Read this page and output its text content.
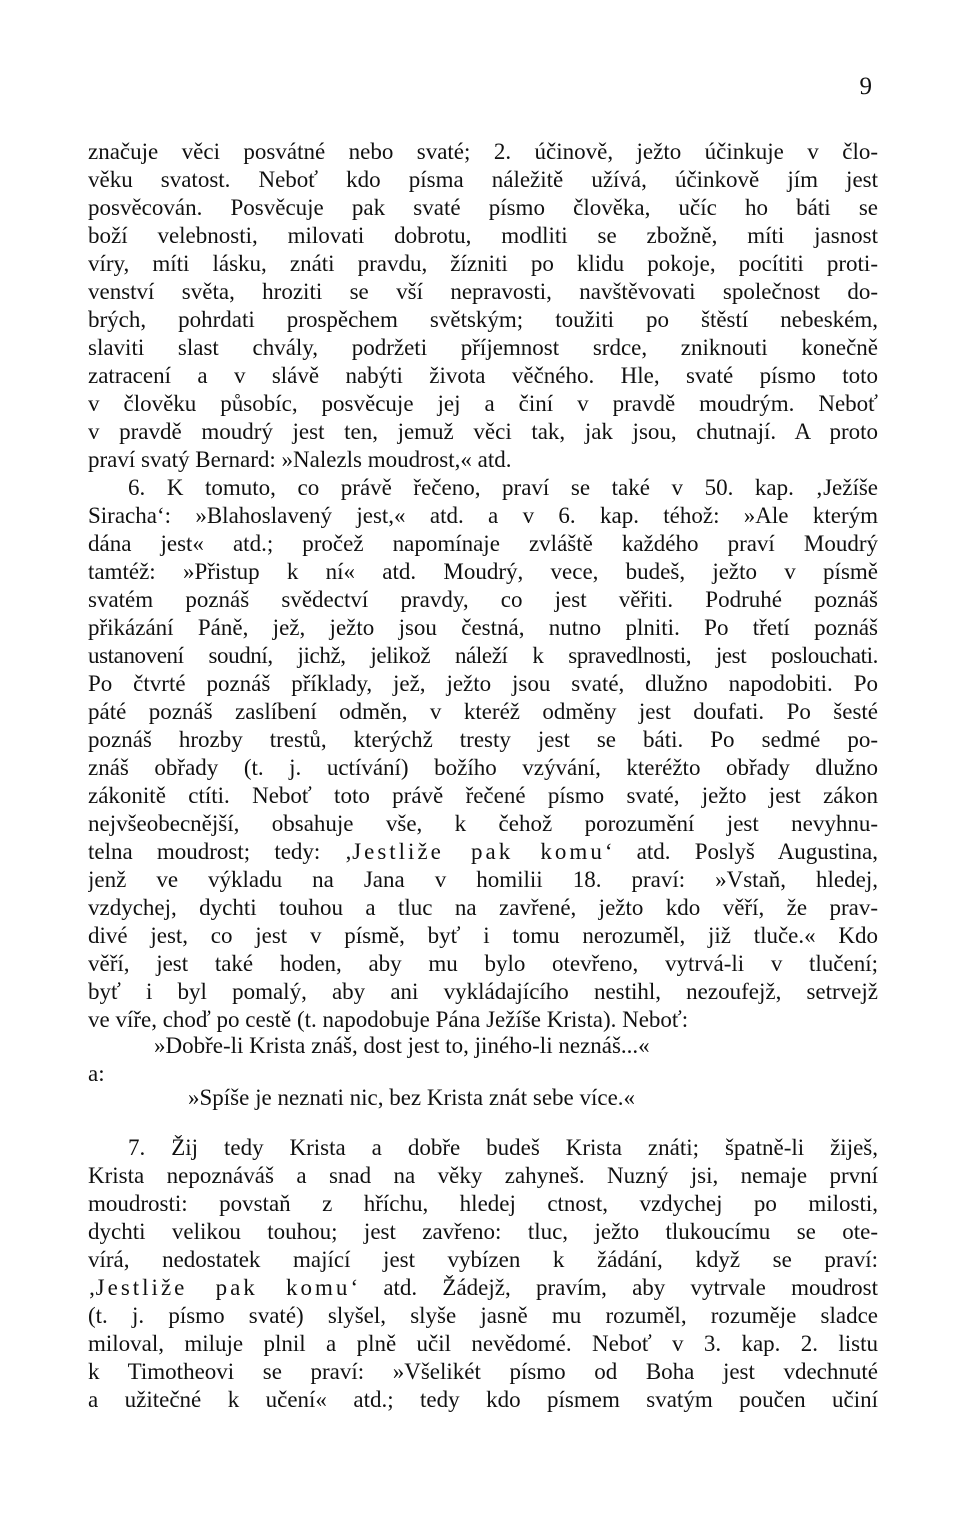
9
značuje věci posvátné nebo svaté; 2. účinově, ježto účinkuje v člo-
věku svatost. Neboť kdo písma náležitě užívá, účinkově jím jest
posvěcován. Posvěcuje pak svaté písmo člověka, učíc ho báti se
boží velebnosti, milovati dobrotu, modliti se zbožně, míti jasnost
víry, míti lásku, znáti pravdu, žízniti po klidu pokoje, pocítiti proti-
venství světa, hroziti se vší nepravosti, navštěvovati společnost do-
brých, pohrdati prospěchem světským; toužiti po štěstí nebeském,
slaviti slast chvály, podržeti příjemnost srdce, zniknouti konečně
zatracení a v slávě nabýti života věčného. Hle, svaté písmo toto
v člověku působíc, posvěcuje jej a činí v pravdě moudrým. Neboť
v pravdě moudrý jest ten, jemuž věci tak, jak jsou, chutnají. A proto
praví svatý Bernard: »Nalezls moudrost,« atd.
6. K tomuto, co právě řečeno, praví se také v 50. kap. ‚Ježíše
Siracha‘: »Blahoslavený jest,« atd. a v 6. kap. téhož: »Ale kterým
dána jest« atd.; pročež napomínaje zvláště každého praví Moudrý
tamtéž: »Přistup k ní« atd. Moudrý, vece, budeš, ježto v písmě
svatém poznáš svědectví pravdy, co jest věřiti. Podruhé poznáš
přikázání Páně, jež, ježto jsou čestná, nutno plniti. Po třetí poznáš
ustanovení soudní, jichž, jelikož náleží k spravedlnosti, jest poslouchati.
Po čtvrté poznáš příklady, jež, ježto jsou svaté, dlužno napodobiti. Po
páté poznáš zaslíbení odměn, v kteréž odměny jest doufati. Po šesté
poznáš hrozby trestů, kterýchž tresty jest se báti. Po sedmé po-
znáš obřady (t. j. uctívání) božího vzývání, kteréžto obřady dlužno
zákonitě ctíti. Neboť toto právě řečené písmo svaté, ježto jest zákon
nejvšeobecnější, obsahuje vše, k čehož porozumění jest nevyhnu-
telna moudrost; tedy: ‚Jestliže pak komu‘ atd. Poslyš Augustina,
jenž ve výkladu na Jana v homilii 18. praví: »Vstaň, hledej,
vzdychej, dychti touhou a tluc na zavřené, ježto kdo věří, že prav-
divé jest, co jest v písmě, byť i tomu nerozuměl, již tluče.« Kdo
věří, jest také hoden, aby mu bylo otevřeno, vytrvá-li v tlučení;
byť i byl pomalý, aby ani vykládajícího nestihl, nezoufejž, setrvejž
ve víře, choď po cestě (t. napodobuje Pána Ježíše Krista). Neboť:
»Dobře-li Krista znáš, dost jest to, jiného-li neznáš...«
a:
»Spíše je neznati nic, bez Krista znát sebe více.«
7. Žij tedy Krista a dobře budeš Krista znáti; špatně-li žiješ,
Krista nepoznáváš a snad na věky zahyneš. Nuzný jsi, nemaje první
moudrosti: povstaň z hříchu, hledej ctnost, vzdychej po milosti,
dychti velikou touhou; jest zavřeno: tluc, ježto tlukoucímu se ote-
vírá, nedostatek mající jest vybízen k žádání, když se praví:
‚Jestliže pak komu‘ atd. Žádejž, pravím, aby vytrvale moudrost
(t. j. písmo svaté) slyšel, slyše jasně mu rozuměl, rozuměje sladce
miloval, miluje plnil a plně učil nevědomé. Neboť v 3. kap. 2. listu
k Timotheovi se praví: »Všelikét písmo od Boha jest vdechnuté
a užitečné k učení« atd.; tedy kdo písmem svatým poučen učiní
